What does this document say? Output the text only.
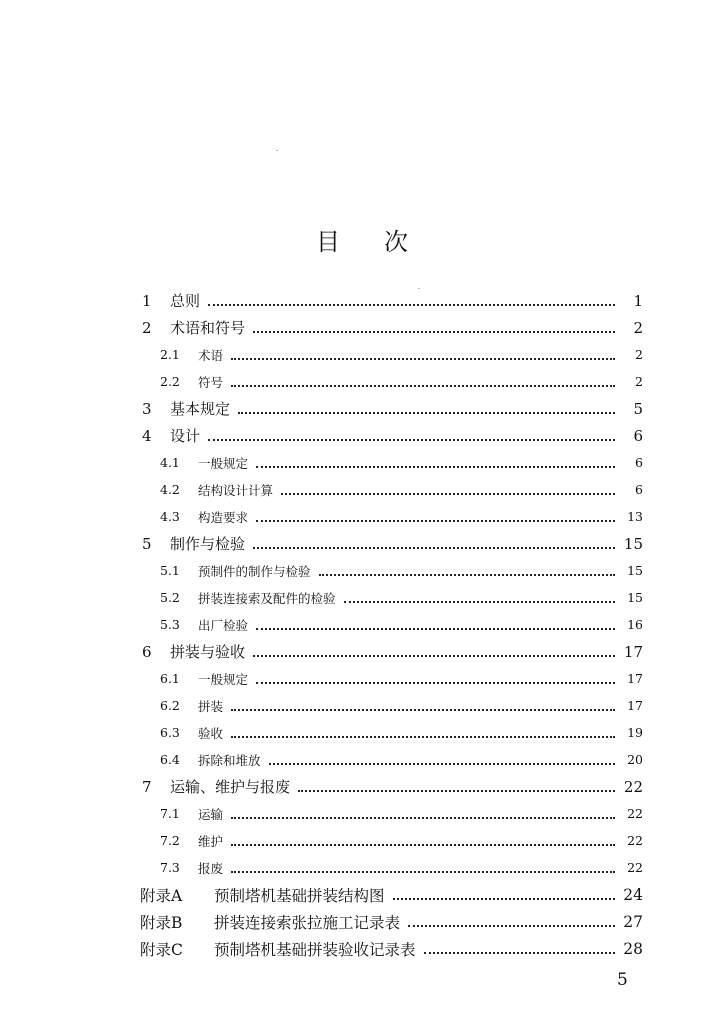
目次
1	总则	1
2	术语和符号	2
2.1	术语	2
2.2	符号	2
3	基本规定	5
4	设计	6
4.1	一般规定	6
4.2	结构设计计算	6
4.3	构造要求	13
5	制作与检验	15
5.1	预制件的制作与检验	15
5.2	拼装连接索及配件的检验	15
5.3	出厂检验	16
6	拼装与验收	17
6.1	一般规定	17
6.2	拼装	17
6.3	验收	19
6.4	拆除和堆放	20
7	运输、维护与报废	22
7.1	运输	22
7.2	维护	22
7.3	报废	22
附录A	预制塔机基础拼装结构图	24
附录B	拼装连接索张拉施工记录表	27
附录C	预制塔机基础拼装验收记录表	28
5
